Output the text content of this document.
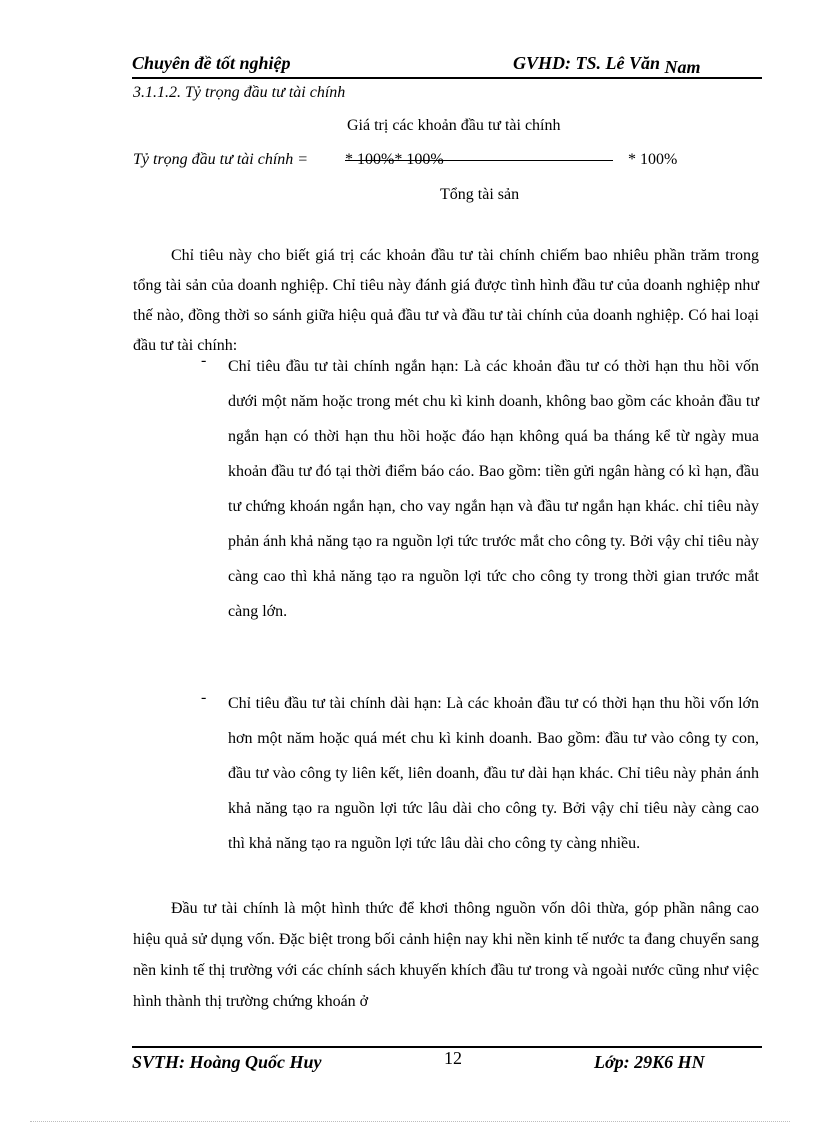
Chuyên đề tốt nghiệp	GVHD: TS. Lê Văn Nam
3.1.1.2. Tỷ trọng đầu tư tài chính
Giá trị các khoản đầu tư tài chính
Tỷ trọng đầu tư tài chính = * 100%* 100%	* 100%
Tổng tài sản

Chỉ tiêu này cho biết giá trị các khoản đầu tư tài chính chiếm bao nhiêu phần trăm trong tổng tài sản của doanh nghiệp. Chỉ tiêu này đánh giá được tình hình đầu tư của doanh nghiệp như thế nào, đồng thời so sánh giữa hiệu quả đầu tư và đầu tư tài chính của doanh nghiệp. Có hai loại đầu tư tài chính:

- Chỉ tiêu đầu tư tài chính ngắn hạn: Là các khoản đầu tư có thời hạn thu hồi vốn dưới một năm hoặc trong mét chu kì kinh doanh, không bao gồm các khoản đầu tư ngắn hạn có thời hạn thu hồi hoặc đáo hạn không quá ba tháng kể từ ngày mua khoản đầu tư đó tại thời điểm báo cáo. Bao gồm: tiền gửi ngân hàng có kì hạn, đầu tư chứng khoán ngắn hạn, cho vay ngắn hạn và đầu tư ngắn hạn khác. chỉ tiêu này phản ánh khả năng tạo ra nguồn lợi tức trước mắt cho công ty. Bởi vậy chỉ tiêu này càng cao thì khả năng tạo ra nguồn lợi tức cho công ty trong thời gian trước mắt càng lớn.

- Chỉ tiêu đầu tư tài chính dài hạn: Là các khoản đầu tư có thời hạn thu hồi vốn lớn hơn một năm hoặc quá mét chu kì kinh doanh. Bao gồm: đầu tư vào công ty con, đầu tư vào công ty liên kết, liên doanh, đầu tư dài hạn khác. Chỉ tiêu này phản ánh khả năng tạo ra nguồn lợi tức lâu dài cho công ty. Bởi vậy chỉ tiêu này càng cao thì khả năng tạo ra nguồn lợi tức lâu dài cho công ty càng nhiều.

Đầu tư tài chính là một hình thức để khơi thông nguồn vốn dôi thừa, góp phần nâng cao hiệu quả sử dụng vốn. Đặc biệt trong bối cảnh hiện nay khi nền kinh tế nước ta đang chuyển sang nền kinh tế thị trường với các chính sách khuyến khích đầu tư trong và ngoài nước cũng như việc hình thành thị trường chứng khoán ở

SVTH: Hoàng Quốc Huy	12	Lớp: 29K6 HN
